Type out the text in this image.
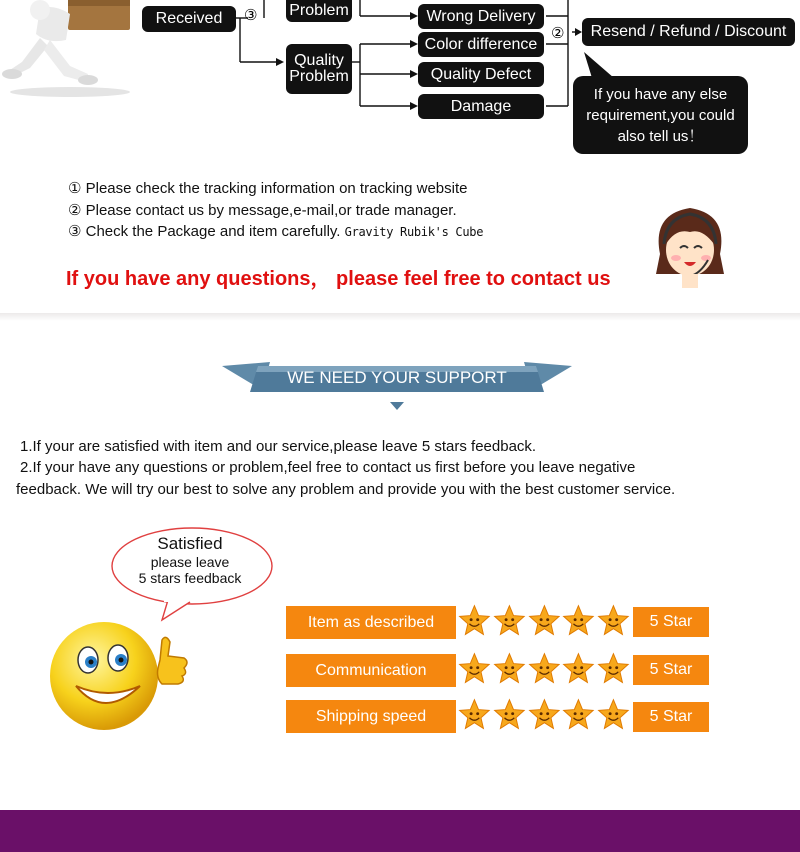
Received	③ Problem
Quality
Problem
Wrong Delivery
Color difference
Quality Defect
Damage
②	Resend / Refund / Discount
If you have any else
requirement,you could
also tell us！
① Please check the tracking information on tracking website
② Please contact us by message,e-mail,or trade manager.
③ Check the Package and item carefully. Gravity Rubik's Cube
If you have any questions， please feel free to contact us
WE NEED YOUR SUPPORT
1.If your are satisfied with item and our service,please leave 5 stars feedback.
2.If your have any questions or problem,feel free to contact us first before you leave negative
feedback. We will try our best to solve any problem and provide you with the best customer service.
Satisfied
please leave
5 stars feedback
Item as described	5 Star
Communication	5 Star
Shipping speed	5 Star
